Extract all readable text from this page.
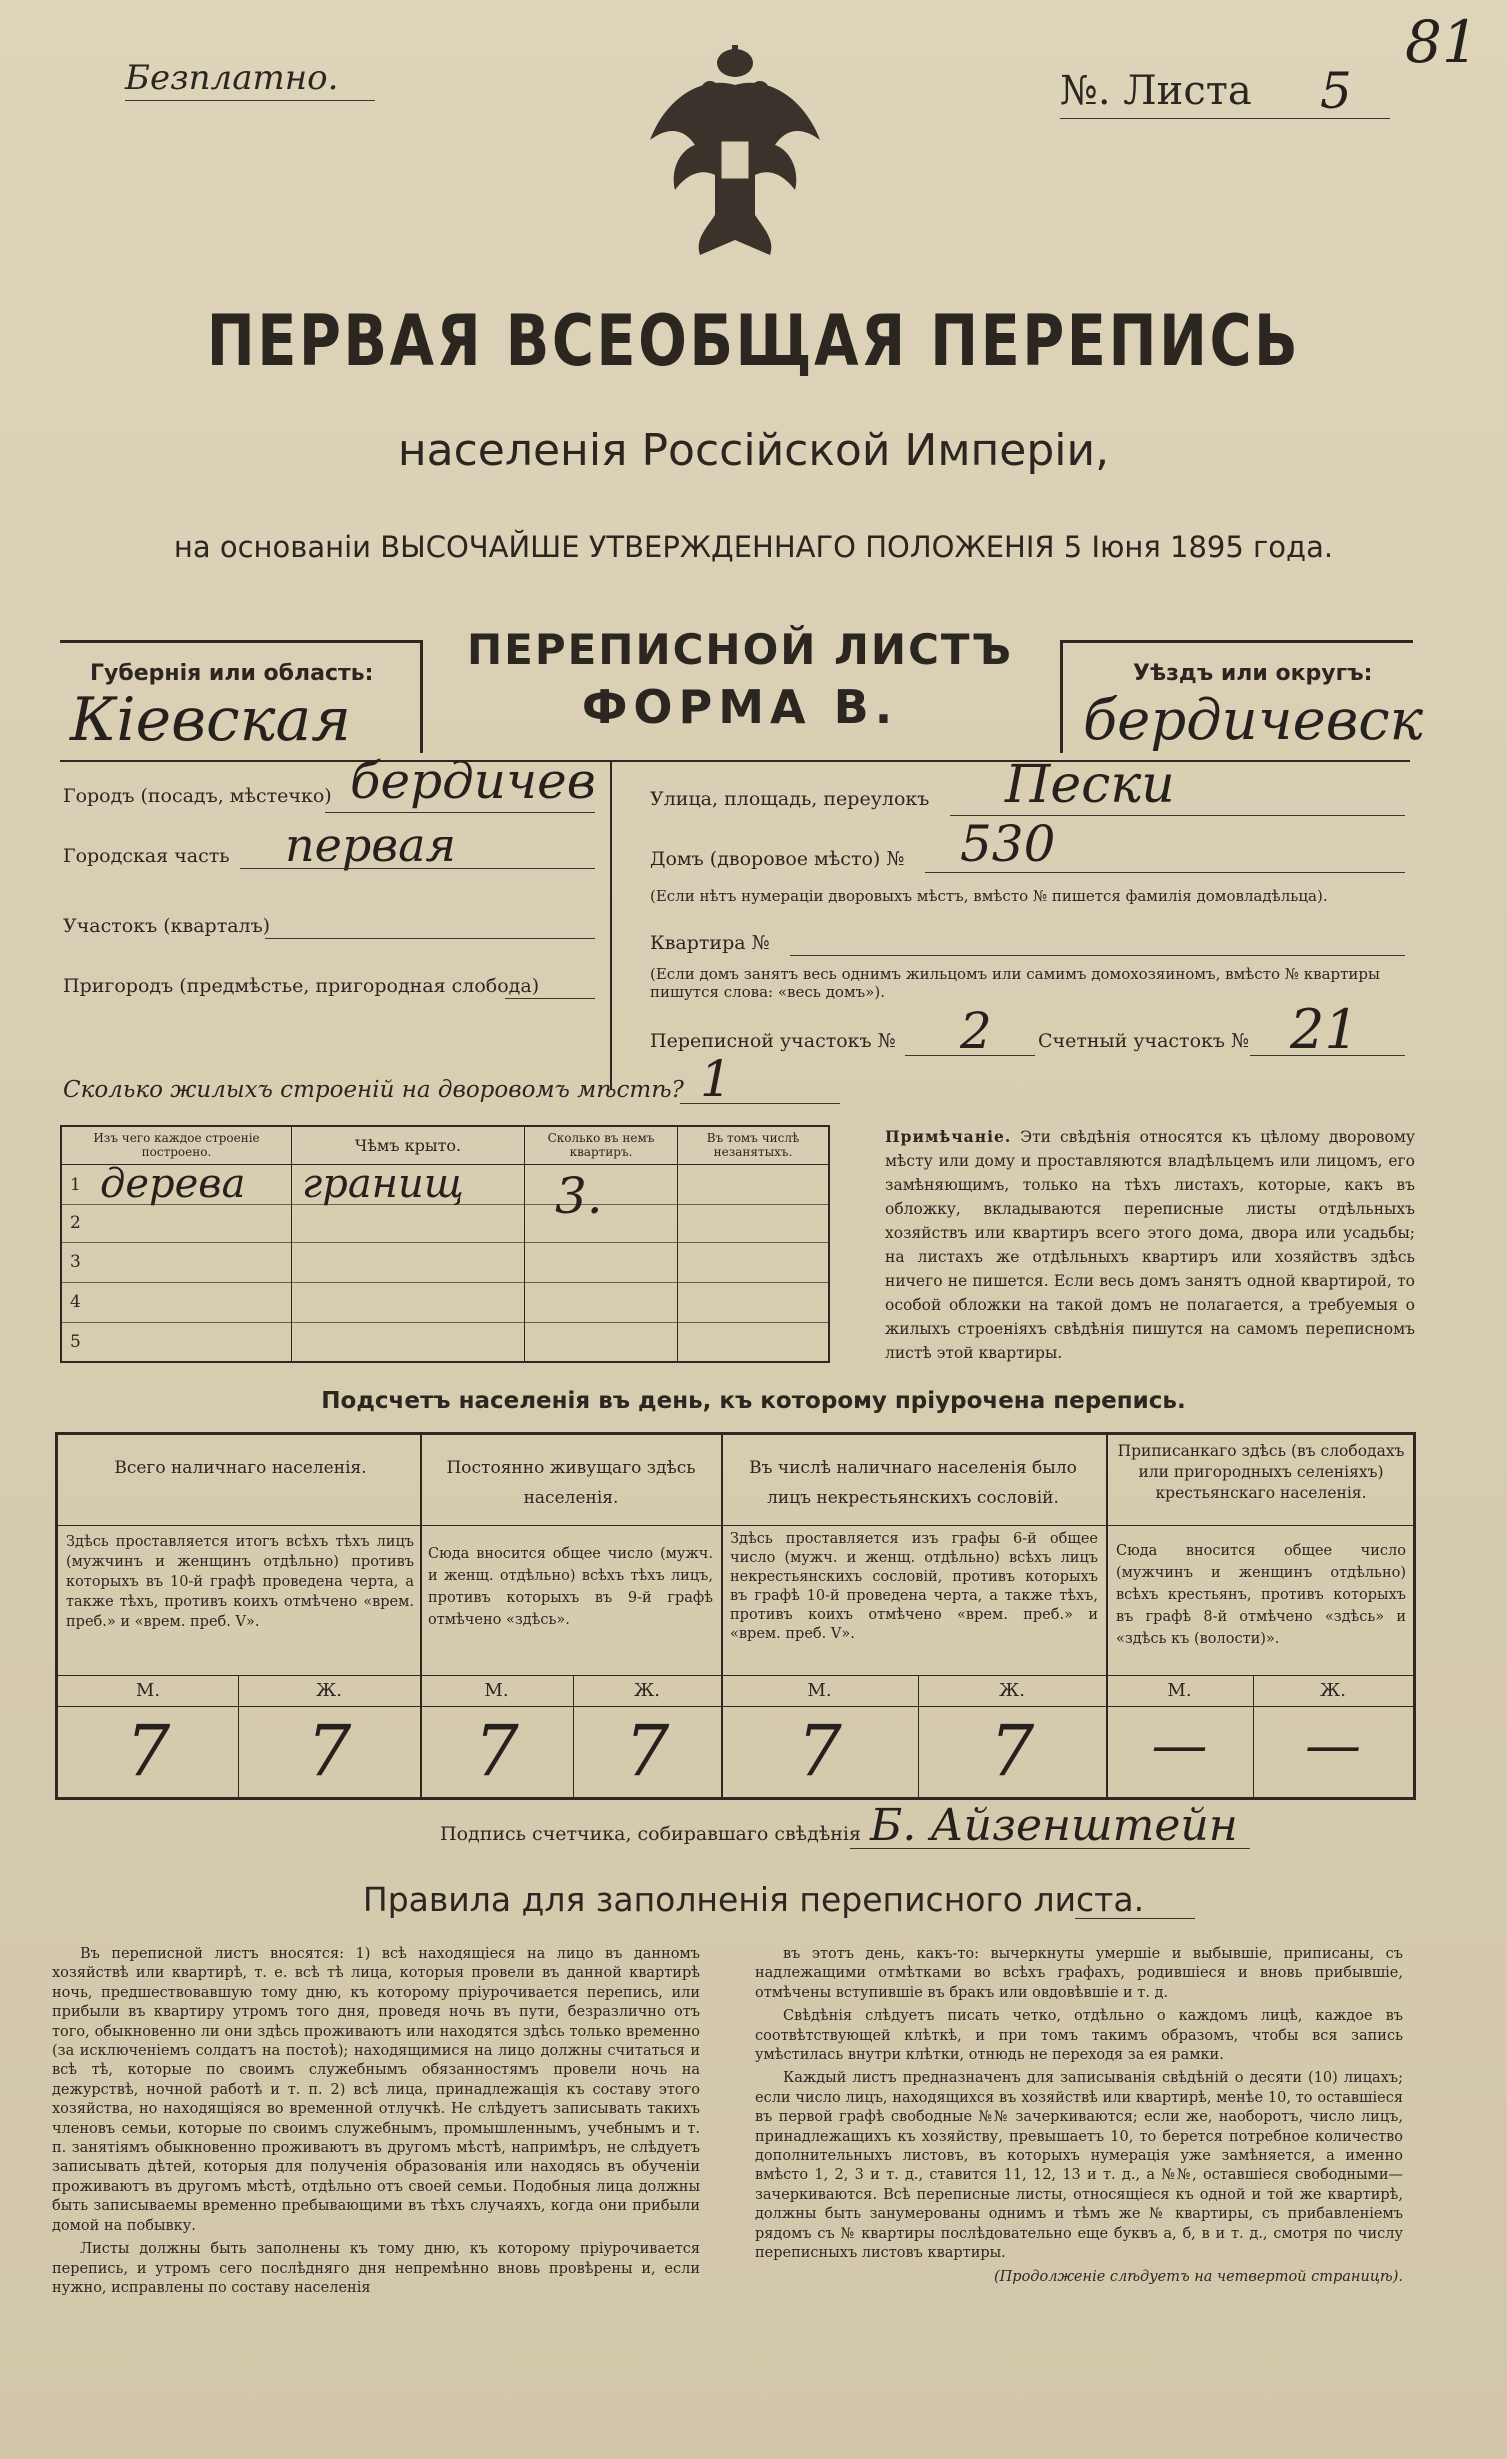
Безплатно.	№. Листа 5
81
ПЕРВАЯ ВСЕОБЩАЯ ПЕРЕПИСЬ
населенія Россійской Имперіи,
на основаніи ВЫСОЧАЙШЕ УТВЕРЖДЕННАГО ПОЛОЖЕНІЯ 5 Іюня 1895 года.
Губернія или область:
Кіевская
ПЕРЕПИСНОЙ ЛИСТЪ
ФОРМА В.
Уѣздъ или округъ:
бердичевск
Городъ (посадъ, мѣстечко) бердичев
Городская часть первая
Участокъ (кварталъ)
Пригородъ (предмѣстье, пригородная слобода)
Улица, площадь, переулокъ Пески
Домъ (дворовое мѣсто) № 530
(Если нѣтъ нумераціи дворовыхъ мѣстъ, вмѣсто № пишется фамилія домовладѣльца).
Квартира №
(Если домъ занятъ весь однимъ жильцомъ или самимъ домохозяиномъ, вмѣсто № квартиры пишутся слова: «весь домъ»).
Переписной участокъ № 2 Счетный участокъ № 21
Сколько жилыхъ строеній на дворовомъ мѣстѣ? 1
Изъ чего каждое строеніе построено.	Чѣмъ крыто.	Сколько въ немъ квартиръ.	Въ томъ числѣ незанятыхъ.

1 дерева	гранищ	3.	

2			
3			
4			
5			
Примѣчаніе. Эти свѣдѣнія относятся къ цѣлому дворовому мѣсту или дому и проставляются владѣльцемъ или лицомъ, его замѣняющимъ, только на тѣхъ листахъ, которые, какъ въ обложку, вкладываются переписные листы отдѣльныхъ хозяйствъ или квартиръ всего этого дома, двора или усадьбы; на листахъ же отдѣльныхъ квартиръ или хозяйствъ здѣсь ничего не пишется. Если весь домъ занятъ одной квартирой, то особой обложки на такой домъ не полагается, а требуемыя о жилыхъ строеніяхъ свѣдѣнія пишутся на самомъ переписномъ листѣ этой квартиры.
Подсчетъ населенія въ день, къ которому пріурочена перепись.
Всего наличнаго населенія.
Здѣсь проставляется итогъ всѣхъ тѣхъ лицъ (мужчинъ и женщинъ отдѣльно) противъ которыхъ въ 10-й графѣ проведена черта, а также тѣхъ, противъ коихъ отмѣчено «врем. преб.» и «врем. преб. V».
М.	Ж.
7	7
Постоянно живущаго здѣсь населенія.
Сюда вносится общее число (мужч. и женщ. отдѣльно) всѣхъ тѣхъ лицъ, противъ которыхъ въ 9-й графѣ отмѣчено «здѣсь».
М.	Ж.
7	7
Въ числѣ наличнаго населенія было лицъ некрестьянскихъ сословій.
Здѣсь проставляется изъ графы 6-й общее число (мужч. и женщ. отдѣльно) всѣхъ лицъ некрестьянскихъ сословій, противъ которыхъ въ графѣ 10-й проведена черта, а также тѣхъ, противъ коихъ отмѣчено «врем. преб.» и «врем. преб. V».
М.	Ж.
7	7
Приписанкаго здѣсь (въ слободахъ или пригородныхъ селеніяхъ) крестьянскаго населенія.
Сюда вносится общее число (мужчинъ и женщинъ отдѣльно) всѣхъ крестьянъ, противъ которыхъ въ графѣ 8-й отмѣчено «здѣсь» и «здѣсь къ (волости)».
М.	Ж.
—	—
Подпись счетчика, собиравшаго свѣдѣнія Б. Айзенштейн
Правила для заполненія переписного листа.

Въ переписной листъ вносятся: 1) всѣ находящіеся на лицо въ данномъ хозяйствѣ или квартирѣ, т. е. всѣ тѣ лица, которыя провели въ данной квартирѣ ночь, предшествовавшую тому дню, къ которому пріурочивается перепись, или прибыли въ квартиру утромъ того дня, проведя ночь въ пути, безразлично отъ того, обыкновенно ли они здѣсь проживаютъ или находятся здѣсь только временно (за исключеніемъ солдатъ на постоѣ); находящимися на лицо должны считаться и всѣ тѣ, которые по своимъ служебнымъ обязанностямъ провели ночь на дежурствѣ, ночной работѣ и т. п. 2) всѣ лица, принадлежащія къ составу этого хозяйства, но находящіяся во временной отлучкѣ. Не слѣдуетъ записывать такихъ членовъ семьи, которые по своимъ служебнымъ, промышленнымъ, учебнымъ и т. п. занятіямъ обыкновенно проживаютъ въ другомъ мѣстѣ, напримѣръ, не слѣдуетъ записывать дѣтей, которыя для полученія образованія или находясь въ обученіи проживаютъ въ другомъ мѣстѣ, отдѣльно отъ своей семьи. Подобныя лица должны быть записываемы временно пребывающими въ тѣхъ случаяхъ, когда они прибыли домой на побывку.

Листы должны быть заполнены къ тому дню, къ которому пріурочивается перепись, и утромъ сего послѣдняго дня непремѣнно вновь провѣрены и, если нужно, исправлены по составу населенія

въ этотъ день, какъ-то: вычеркнуты умершіе и выбывшіе, приписаны, съ надлежащими отмѣтками во всѣхъ графахъ, родившіеся и вновь прибывшіе, отмѣчены вступившіе въ бракъ или овдовѣвшіе и т. д.

Свѣдѣнія слѣдуетъ писать четко, отдѣльно о каждомъ лицѣ, каждое въ соотвѣтствующей клѣткѣ, и при томъ такимъ образомъ, чтобы вся запись умѣстилась внутри клѣтки, отнюдь не переходя за ея рамки.

Каждый листъ предназначенъ для записыванія свѣдѣній о десяти (10) лицахъ; если число лицъ, находящихся въ хозяйствѣ или квартирѣ, менѣе 10, то оставшіеся въ первой графѣ свободные №№ зачеркиваются; если же, наоборотъ, число лицъ, принадлежащихъ къ хозяйству, превышаетъ 10, то берется потребное количество дополнительныхъ листовъ, въ которыхъ нумерація уже замѣняется, а именно вмѣсто 1, 2, 3 и т. д., ставится 11, 12, 13 и т. д., а №№, оставшіеся свободными—зачеркиваются. Всѣ переписные листы, относящіеся къ одной и той же квартирѣ, должны быть занумерованы однимъ и тѣмъ же № квартиры, съ прибавленіемъ рядомъ съ № квартиры послѣдовательно еще буквъ а, б, в и т. д., смотря по числу переписныхъ листовъ квартиры.

(Продолженіе слѣдуетъ на четвертой страницѣ).
